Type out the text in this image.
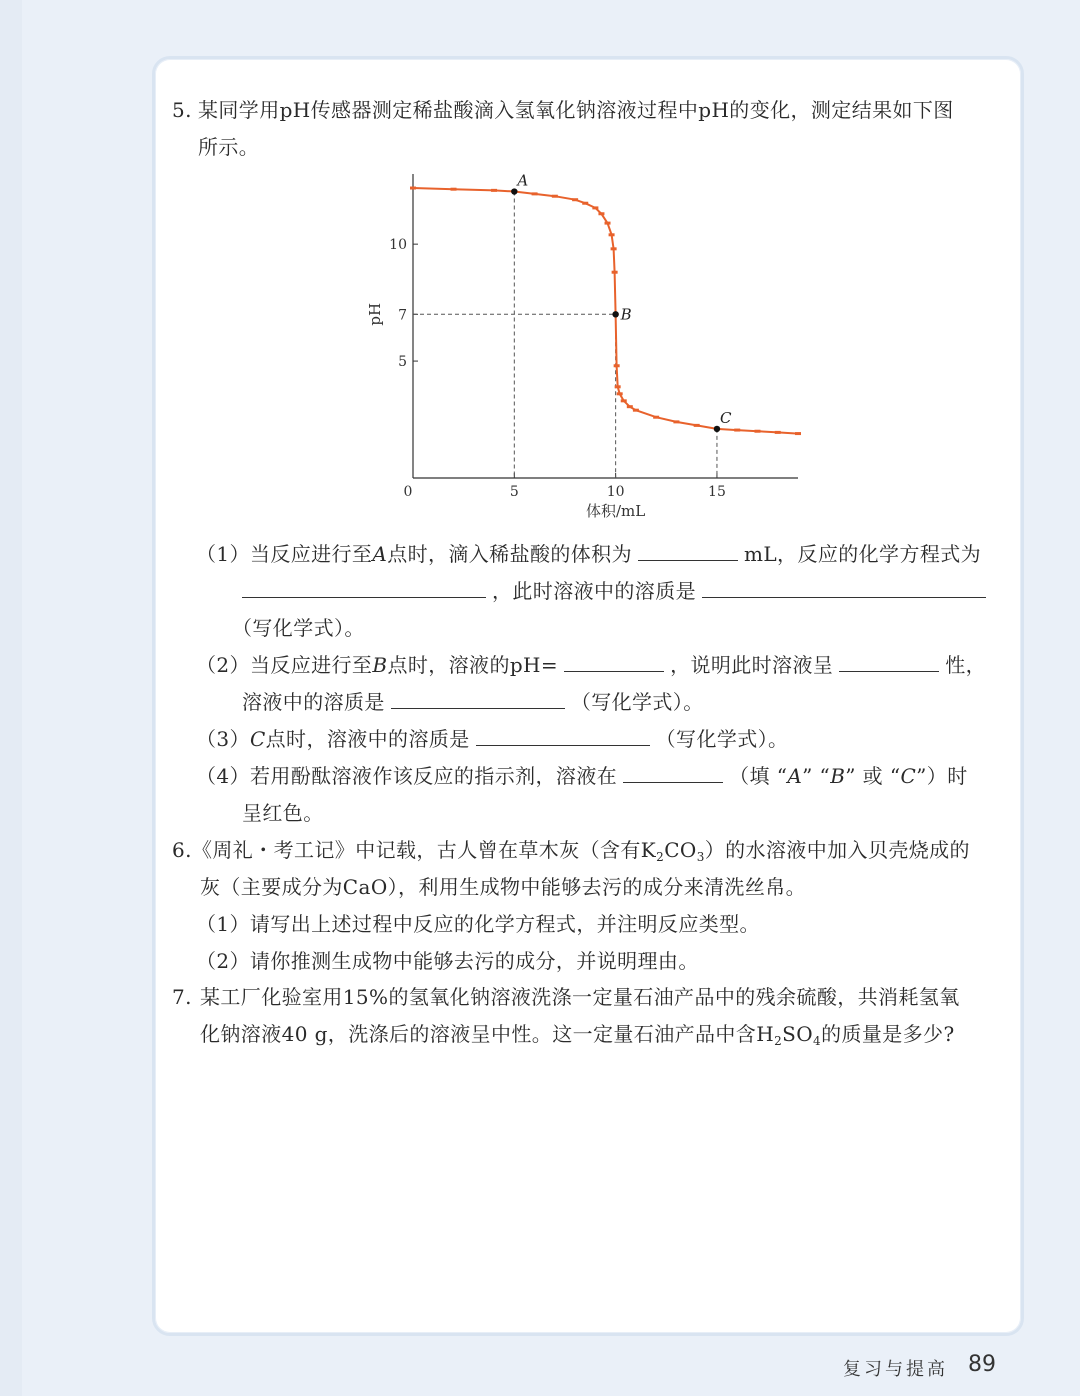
5. 某同学用pH传感器测定稀盐酸滴入氢氧化钠溶液过程中pH的变化，测定结果如下图
所示。
5
7
10
0	5	10	15
体积/mL
pH
A
B
C
（1）当反应进行至A点时，滴入稀盐酸的体积为	mL，反应的化学方程式为
，此时溶液中的溶质是
（写化学式）。
（2）当反应进行至B点时，溶液的pH=	，说明此时溶液呈	性，
溶液中的溶质是	（写化学式）。
（3）C点时，溶液中的溶质是	（写化学式）。
（4）若用酚酞溶液作该反应的指示剂，溶液在	（填 “A” “B” 或 “C”）时
呈红色。
6. 《周礼・考工记》中记载，古人曾在草木灰（含有$K_2CO_3$）的水溶液中加入贝壳烧成的
灰（主要成分为CaO），利用生成物中能够去污的成分来清洗丝帛。
（1）请写出上述过程中反应的化学方程式，并注明反应类型。
（2）请你推测生成物中能够去污的成分，并说明理由。
7. 某工厂化验室用15%的氢氧化钠溶液洗涤一定量石油产品中的残余硫酸，共消耗氢氧
化钠溶液40 g，洗涤后的溶液呈中性。这一定量石油产品中含$H_2SO_4$的质量是多少?
复习与提高 89
